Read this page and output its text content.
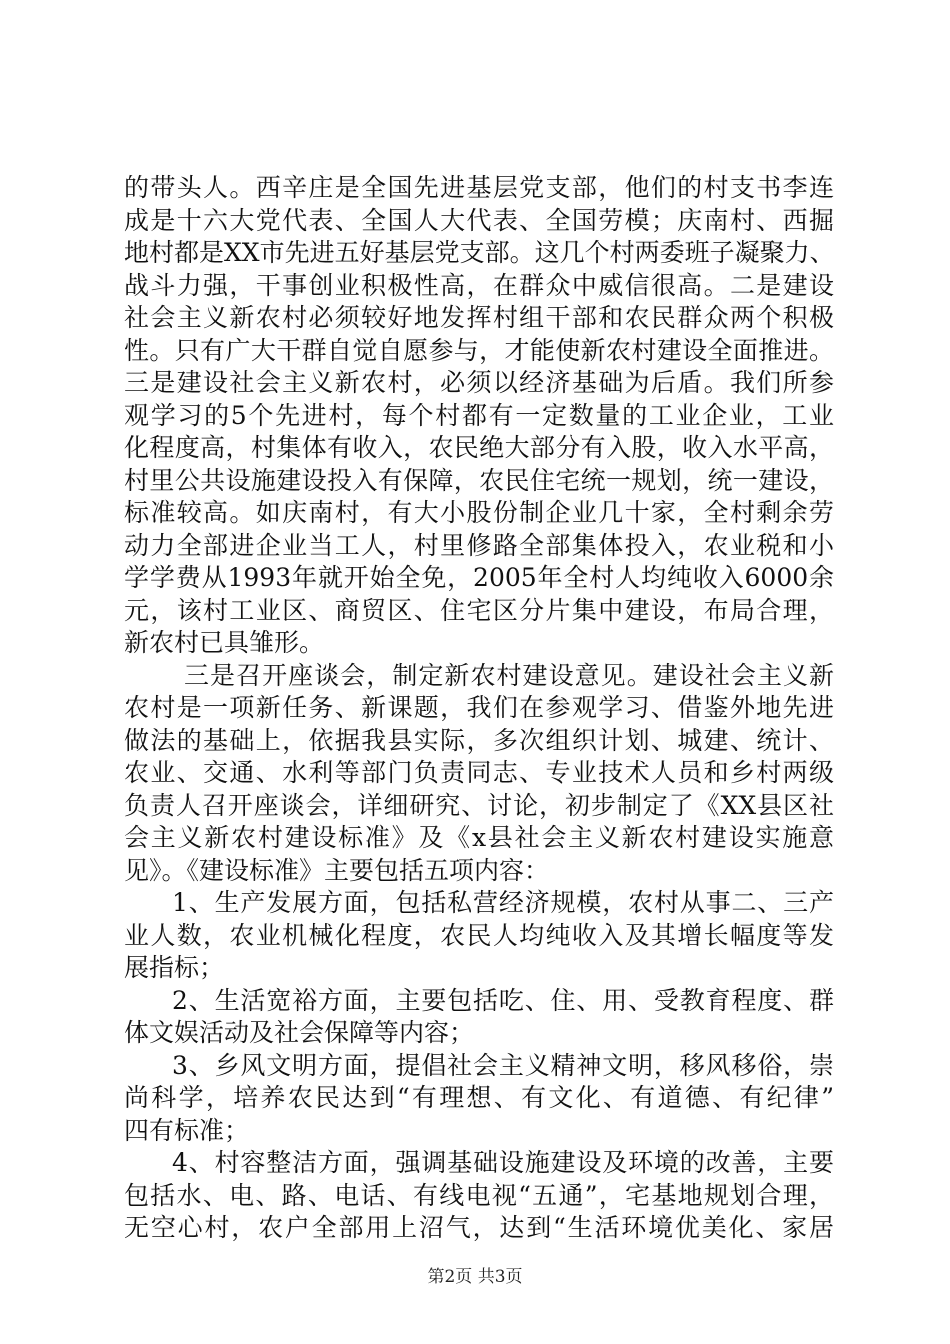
的带头人。西辛庄是全国先进基层党支部，他们的村支书李连
成是十六大党代表、全国人大代表、全国劳模；庆南村、西掘
地村都是XX市先进五好基层党支部。这几个村两委班子凝聚力、
战斗力强，干事创业积极性高，在群众中威信很高。二是建设
社会主义新农村必须较好地发挥村组干部和农民群众两个积极
性。只有广大干群自觉自愿参与，才能使新农村建设全面推进。
三是建设社会主义新农村，必须以经济基础为后盾。我们所参
观学习的5个先进村，每个村都有一定数量的工业企业，工业
化程度高，村集体有收入，农民绝大部分有入股，收入水平高，
村里公共设施建设投入有保障，农民住宅统一规划，统一建设，
标准较高。如庆南村，有大小股份制企业几十家，全村剩余劳
动力全部进企业当工人，村里修路全部集体投入，农业税和小
学学费从1993年就开始全免，2005年全村人均纯收入6000余
元，该村工业区、商贸区、住宅区分片集中建设，布局合理，
新农村已具雏形。
三是召开座谈会，制定新农村建设意见。建设社会主义新
农村是一项新任务、新课题，我们在参观学习、借鉴外地先进
做法的基础上，依据我县实际，多次组织计划、城建、统计、
农业、交通、水利等部门负责同志、专业技术人员和乡村两级
负责人召开座谈会，详细研究、讨论，初步制定了《XX县区社
会主义新农村建设标准》及《x县社会主义新农村建设实施意
见》。《建设标准》主要包括五项内容：
1、生产发展方面，包括私营经济规模，农村从事二、三产
业人数，农业机械化程度，农民人均纯收入及其增长幅度等发
展指标；
2、生活宽裕方面，主要包括吃、住、用、受教育程度、群
体文娱活动及社会保障等内容；
3、乡风文明方面，提倡社会主义精神文明，移风移俗，崇
尚科学，培养农民达到“有理想、有文化、有道德、有纪律”
四有标准；
4、村容整洁方面，强调基础设施建设及环境的改善，主要
包括水、电、路、电话、有线电视“五通”，宅基地规划合理，
无空心村，农户全部用上沼气，达到“生活环境优美化、家居
第2页 共3页
